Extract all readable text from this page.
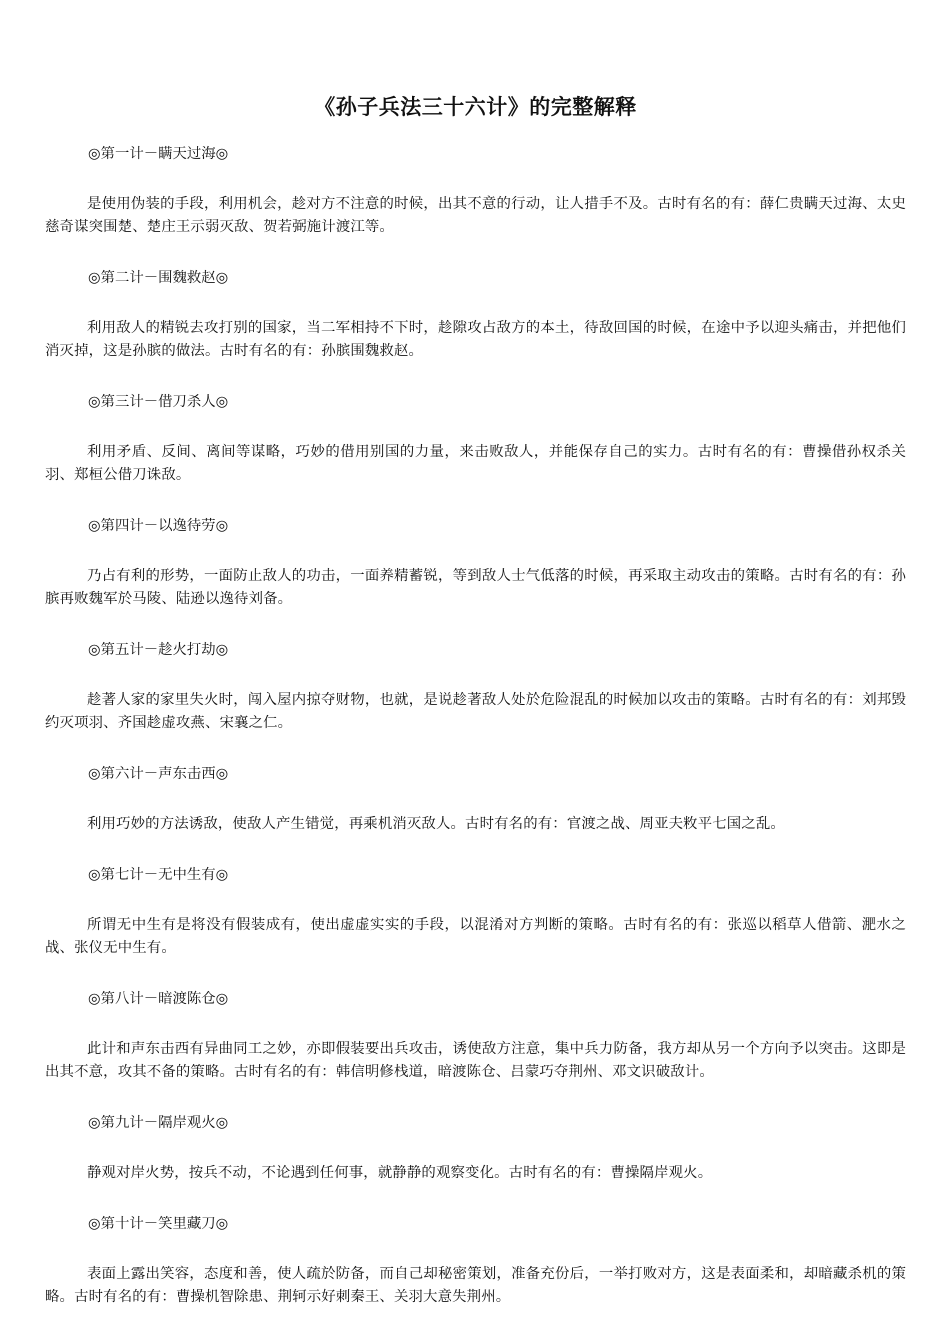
《孙子兵法三十六计》的完整解释

◎第一计－瞒天过海◎

是使用伪装的手段，利用机会，趁对方不注意的时候，出其不意的行动，让人措手不及。古时有名的有：薛仁贵瞒天过海、太史慈奇谋突围楚、楚庄王示弱灭敌、贺若弼施计渡江等。

◎第二计－围魏救赵◎

利用敌人的精锐去攻打别的国家，当二军相持不下时，趁隙攻占敌方的本土，待敌回国的时候，在途中予以迎头痛击，并把他们消灭掉，这是孙膑的做法。古时有名的有：孙膑围魏救赵。

◎第三计－借刀杀人◎

利用矛盾、反间、离间等谋略，巧妙的借用别国的力量，来击败敌人，并能保存自己的实力。古时有名的有：曹操借孙权杀关羽、郑桓公借刀诛敌。

◎第四计－以逸待劳◎

乃占有利的形势，一面防止敌人的功击，一面养精蓄锐，等到敌人士气低落的时候，再采取主动攻击的策略。古时有名的有：孙膑再败魏军於马陵、陆逊以逸待刘备。

◎第五计－趁火打劫◎

趁著人家的家里失火时，闯入屋内掠夺财物，也就，是说趁著敌人处於危险混乱的时候加以攻击的策略。古时有名的有：刘邦毁约灭项羽、齐国趁虚攻燕、宋襄之仁。

◎第六计－声东击西◎

利用巧妙的方法诱敌，使敌人产生错觉，再乘机消灭敌人。古时有名的有：官渡之战、周亚夫敉平七国之乱。

◎第七计－无中生有◎

所谓无中生有是将没有假装成有，使出虚虚实实的手段，以混淆对方判断的策略。古时有名的有：张巡以稻草人借箭、淝水之战、张仪无中生有。

◎第八计－暗渡陈仓◎

此计和声东击西有异曲同工之妙，亦即假装要出兵攻击，诱使敌方注意，集中兵力防备，我方却从另一个方向予以突击。这即是出其不意，攻其不备的策略。古时有名的有：韩信明修栈道，暗渡陈仓、吕蒙巧夺荆州、邓文识破敌计。

◎第九计－隔岸观火◎

静观对岸火势，按兵不动，不论遇到任何事，就静静的观察变化。古时有名的有：曹操隔岸观火。

◎第十计－笑里藏刀◎

表面上露出笑容，态度和善，使人疏於防备，而自己却秘密策划，准备充份后，一举打败对方，这是表面柔和，却暗藏杀机的策略。古时有名的有：曹操机智除患、荆轲示好刺秦王、关羽大意失荆州。
